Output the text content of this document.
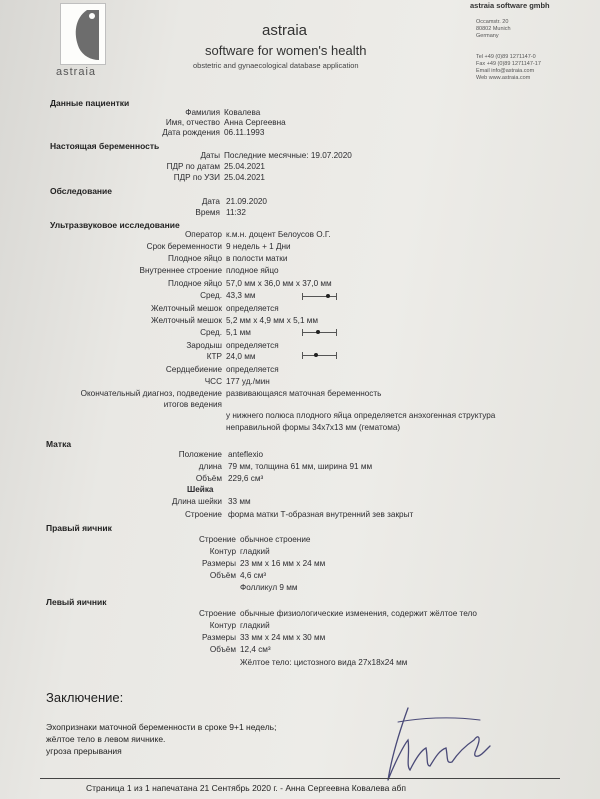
astraia
astraia
software for women's health
obstetric and gynaecological database application
astraia software gmbh
Occamstr. 20
80802 Munich
Germany
Tel +49 (0)89 1271147-0
Fax +49 (0)89 1271147-17
Email info@astraia.com
Web www.astraia.com
Данные пациентки
Фамилия Ковалева
Имя, отчество Анна Сергеевна
Дата рождения 06.11.1993
Настоящая беременность
Даты Последние месячные: 19.07.2020
ПДР по датам 25.04.2021
ПДР по УЗИ 25.04.2021
Обследование
Дата 21.09.2020
Время 11:32
Ультразвуковое исследование
Оператор к.м.н. доцент Белоусов О.Г.
Срок беременности 9 недель + 1 Дни
Плодное яйцо в полости матки
Внутреннее строение плодное яйцо
Плодное яйцо 57,0 мм x 36,0 мм x 37,0 мм
Сред. 43,3 мм
Желточный мешок определяется
Желточный мешок 5,2 мм x 4,9 мм x 5,1 мм
Сред. 5,1 мм
Зародыш определяется
КТР 24,0 мм
Сердцебиение определяется
ЧСС 177 уд./мин
Окончательный диагноз, подведение
итогов ведения
развивающаяся маточная беременность
у нижнего полюса плодного яйца определяется анэхогенная структура
неправильной формы 34x7x13 мм (гематома)
Матка
Положение anteflexio
длина 79 мм, толщина 61 мм, ширина 91 мм
Объём 229,6 см³
Шейка
Длина шейки 33 мм
Строение форма матки Т-образная внутренний зев закрыт
Правый яичник
Строение обычное строение
Контур гладкий
Размеры 23 мм x 16 мм x 24 мм
Объём 4,6 см³
Фолликул 9 мм
Левый яичник
Строение обычные физиологические изменения, содержит жёлтое тело
Контур гладкий
Размеры 33 мм x 24 мм x 30 мм
Объём 12,4 см³
Жёлтое тело: цистозного вида 27x18x24 мм
Заключение:
Эхопризнаки маточной беременности в сроке 9+1 недель;
жёлтое тело в левом яичнике.
угроза прерывания
Страница 1 из 1 напечатана 21 Сентябрь 2020 г. - Анна Сергеевна Ковалева абп
